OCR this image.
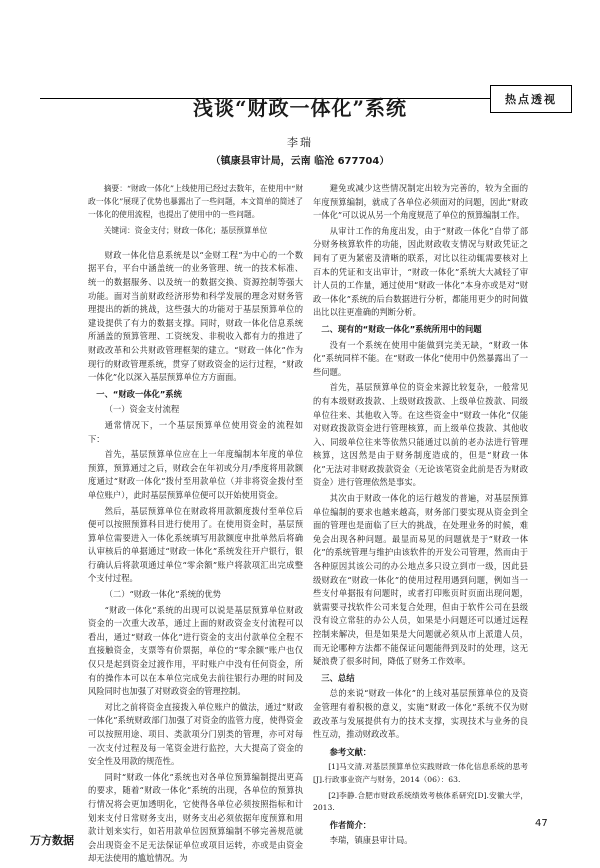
热点透视
浅谈“财政一体化”系统
李瑞
（镇康县审计局，云南 临沧 677704）

摘要：“财政一体化”上线使用已经过去数年，在使用中“财政一体化”展现了优势也暴露出了一些问题，本文简单的简述了一体化的使用流程，也提出了使用中的一些问题。

关键词：资金支付；财政一体化；基层预算单位

财政一体化信息系统是以“金财工程”为中心的一个数据平台，平台中涵盖统一的业务管理、统一的技术标准、统一的数据服务、以及统一的数据交换、资源控制等强大功能。面对当前财政经济形势和科学发展的理念对财务管理提出的新的挑战，这些强大的功能对于基层预算单位的建设提供了有力的数据支撑。同时，财政一体化信息系统所涵盖的预算管理、工资统发、非税收入都有力的推进了财政改革和公共财政管理框架的建立。“财政一体化”作为现行的财政管理系统，贯穿了财政资金的运行过程，“财政一体化”化以深入基层预算单位方方面面。

一、“财政一体化”系统

（一）资金支付流程

通常情况下，一个基层预算单位使用资金的流程如下：

首先，基层预算单位应在上一年度编制本年度的单位预算，预算通过之后，财政会在年初或分月/季度将用款额度通过“财政一体化”拨付至用款单位（并非将资金拨付至单位账户），此时基层预算单位便可以开始使用资金。

然后，基层预算单位在财政将用款额度拨付至单位后便可以按照预算科目进行使用了。在使用资金时，基层预算单位需要进入一体化系统填写用款额度申批单然后将确认审核后的单据通过“财政一体化”系统发往开户银行，银行确认后将款项通过单位“零余额”账户将款项汇出完成整个支付过程。

（二）“财政一体化”系统的优势

“财政一体化”系统的出现可以说是基层预算单位财政资金的一次重大改革，通过上面的财政资金支付流程可以看出，通过“财政一体化”进行资金的支出付款单位全程不直接触资金，支票等有价票据，单位的“零余额”账户也仅仅只是起到资金过渡作用，平时账户中没有任何资金，所有的操作本可以在本单位完成免去前往银行办理的时间及风险同时也加强了对财政资金的管理控制。

对比之前将资金直接拨入单位账户的做法，通过“财政一体化”系统财政部门加强了对资金的监管力度，使得资金可以按照用途、项目、类款项分门别类的管理，亦可对每一次支付过程及每一笔资金进行监控，大大提高了资金的安全性及用款的规范性。

同时“财政一体化”系统也对各单位预算编制提出更高的要求，随着“财政一体化”系统的出现，各单位的预算执行情况将会更加透明化，它使得各单位必须按照指标和计划来支付日常财务支出，财务支出必须依据年度预算和用款计划来实行，如若用款单位因预算编制不够完善规范就会出现资金不足无法保证单位或项目运转，亦或是由资金却无法使用的尴尬情况。为

避免或减少这些情况制定出较为完善的，较为全面的年度预算编制，就成了各单位必须面对的问题，因此“财政一体化”可以说从另一个角度规范了单位的预算编制工作。

从审计工作的角度出发，由于“财政一体化”自带了部分财务核算软件的功能，因此财政收支情况与财政凭证之间有了更为紧密及清晰的联系，对比以往动辄需要核对上百本的凭证和支出审计，“财政一体化”系统大大减轻了审计人员的工作量，通过使用“财政一体化”本身亦或是对“财政一体化”系统的后台数据进行分析，都能用更少的时间做出比以往更准确的判断分析。

二、现有的“财政一体化”系统所用中的问题

没有一个系统在使用中能做到完美无缺，“财政一体化”系统同样不能。在“财政一体化”使用中仍然暴露出了一些问题。

首先，基层预算单位的资金来源比较复杂，一般常见的有本级财政拨款、上级财政拨款、上级单位拨款、同级单位往来、其他收入等。在这些资金中“财政一体化”仅能对财政拨款资金进行管理核算，而上级单位拨款、其他收入、同级单位往来等依然只能通过以前的老办法进行管理核算，这因然是由于财务制度造成的，但是“财政一体化”无法对非财政拨款资金（无论该笔资金此前是否为财政资金）进行管理依然是事实。

其次由于财政一体化的运行越发的普遍，对基层预算单位编制的要求也越来越高，财务部门要实现从资金到全面的管理也是面临了巨大的挑战，在处理业务的时候，难免会出现各种问题。最显而易见的问题就是于“财政一体化”的系统管理与维护由该软件的开发公司管理，然而由于各种原因其该公司的办公地点多只设立到市一级，因此县级财政在“财政一体化”的使用过程用遇到问题，例如当一些支付单据报有问题时，或者打印账页时页面出现问题，就需要寻找软件公司来复合处理，但由于软件公司在县级没有设立常驻的办公人员，如果是小问题还可以通过远程控制来解决，但是如果是大问题就必须从市上派遣人员，而无论哪种方法都不能保证问题能得到及时的处理，这无疑浪费了很多时间，降低了财务工作效率。

三、总结

总的来说“财政一体化”的上线对基层预算单位的及资金管理有着积极的意义，实施“财政一体化”系统不仅为财政改革与发展提供有力的技术支撑，实现技术与业务的良性互动，推动财政改革。

参考文献：

[1]马文清.对基层预算单位实践财政一体化信息系统的思考[J].行政事业资产与财务，2014（06）：63.

[2]李静.合肥市财政系统绩效考核体系研究[D].安徽大学，2013.

作者简介：

李瑞，镇康县审计局。

47
万方数据
